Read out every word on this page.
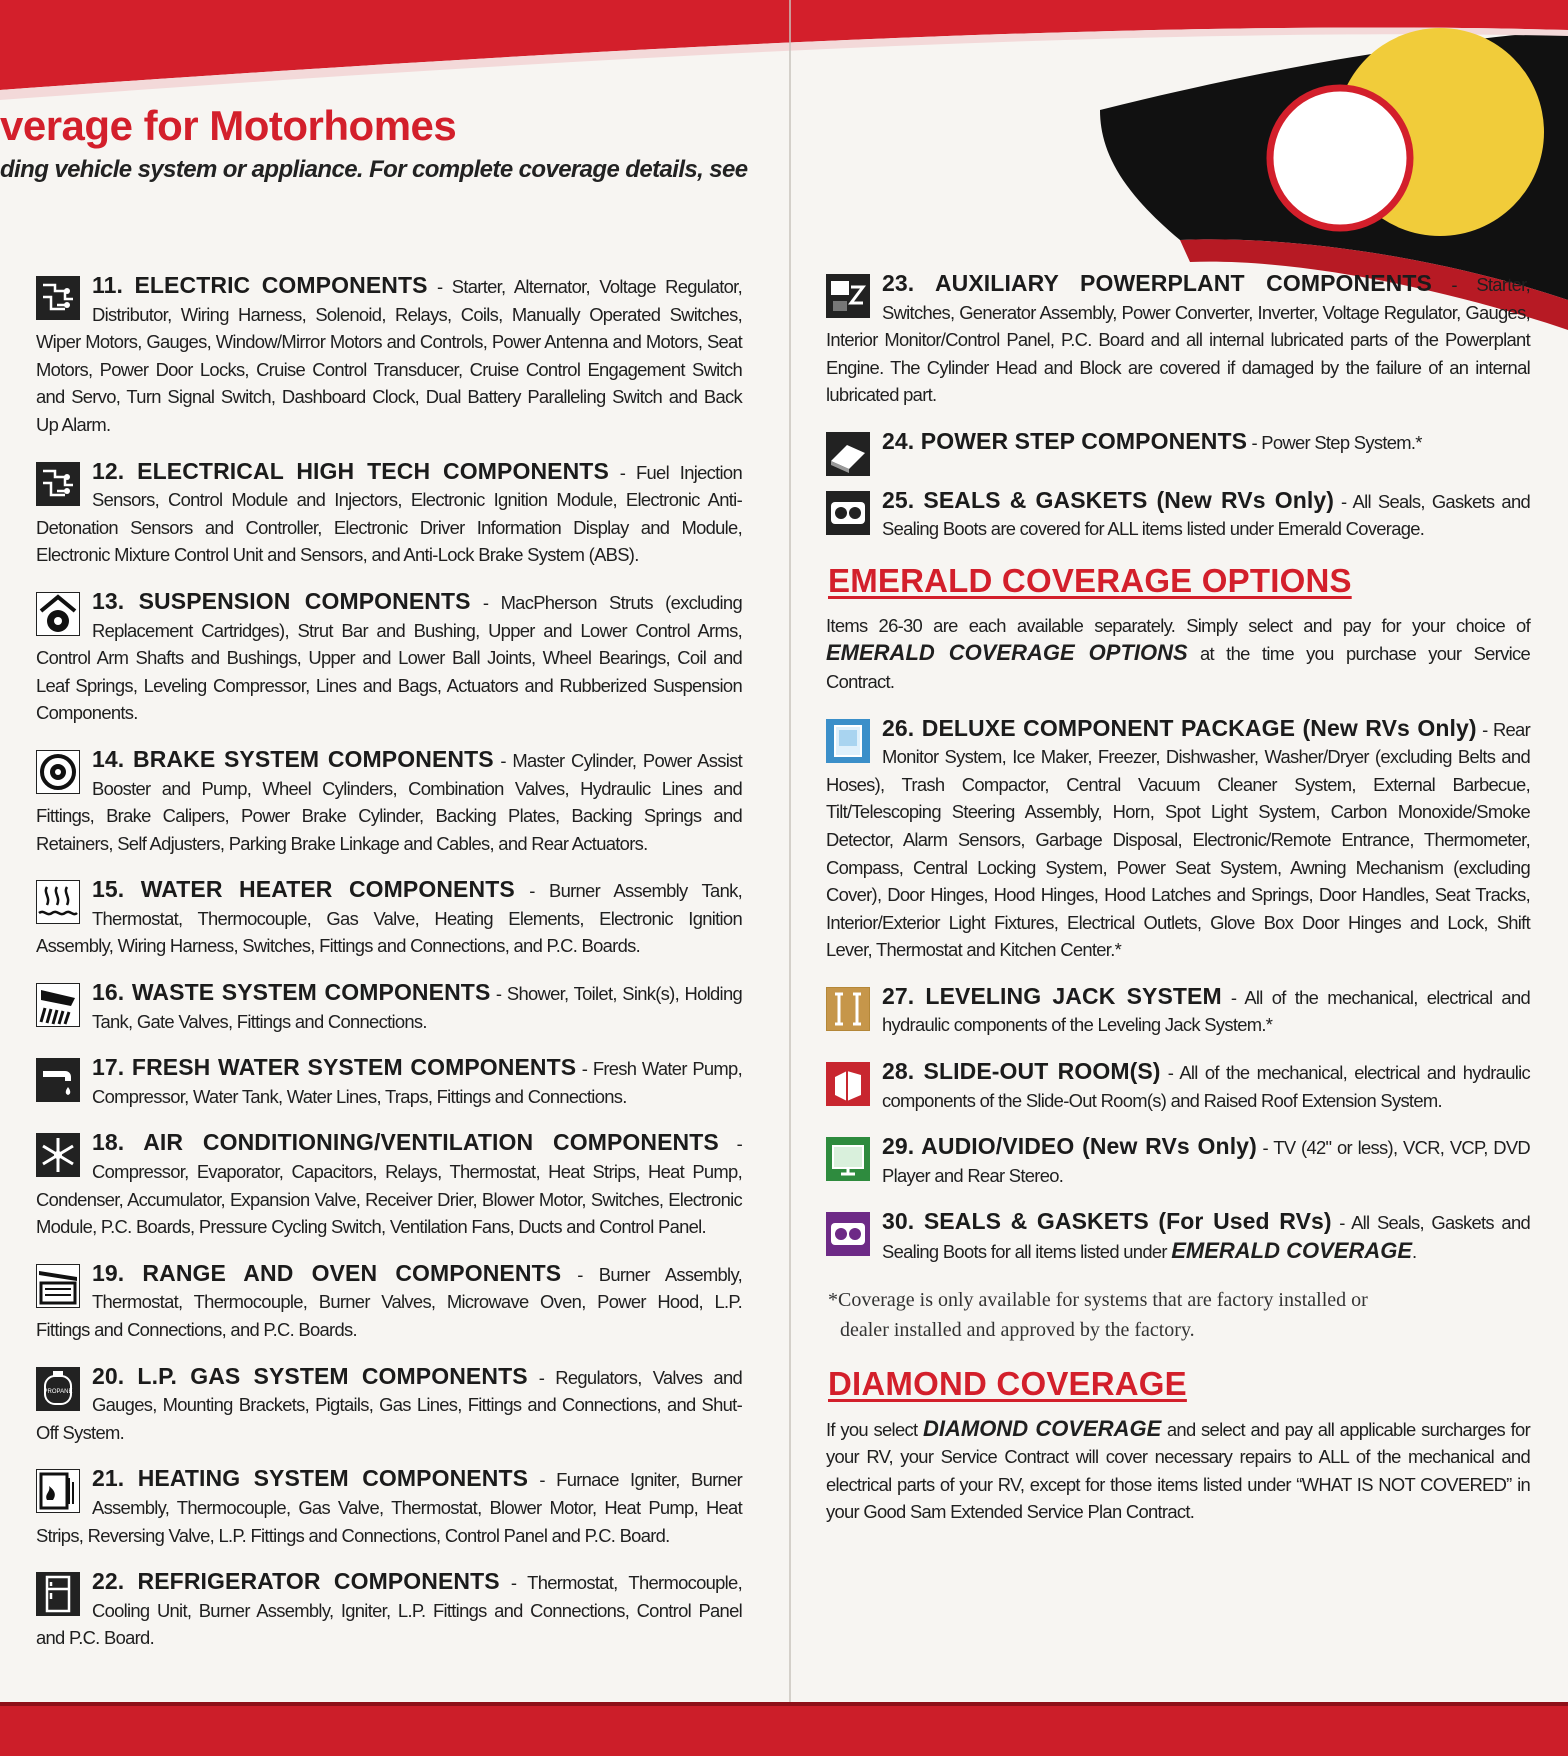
verage for Motorhomes
ding vehicle system or appliance. For complete coverage details, see

11. ELECTRIC COMPONENTS - Starter, Alternator, Voltage Regulator, Distributor, Wiring Harness, Solenoid, Relays, Coils, Manually Operated Switches, Wiper Motors, Gauges, Window/Mirror Motors and Controls, Power Antenna and Motors, Seat Motors, Power Door Locks, Cruise Control Transducer, Cruise Control Engagement Switch and Servo, Turn Signal Switch, Dashboard Clock, Dual Battery Paralleling Switch and Back Up Alarm.

12. ELECTRICAL HIGH TECH COMPONENTS - Fuel Injection Sensors, Control Module and Injectors, Electronic Ignition Module, Electronic Anti-Detonation Sensors and Controller, Electronic Driver Information Display and Module, Electronic Mixture Control Unit and Sensors, and Anti-Lock Brake System (ABS).

13. SUSPENSION COMPONENTS - MacPherson Struts (excluding Replacement Cartridges), Strut Bar and Bushing, Upper and Lower Control Arms, Control Arm Shafts and Bushings, Upper and Lower Ball Joints, Wheel Bearings, Coil and Leaf Springs, Leveling Compressor, Lines and Bags, Actuators and Rubberized Suspension Components.

14. BRAKE SYSTEM COMPONENTS - Master Cylinder, Power Assist Booster and Pump, Wheel Cylinders, Combination Valves, Hydraulic Lines and Fittings, Brake Calipers, Power Brake Cylinder, Backing Plates, Backing Springs and Retainers, Self Adjusters, Parking Brake Linkage and Cables, and Rear Actuators.

15. WATER HEATER COMPONENTS - Burner Assembly Tank, Thermostat, Thermocouple, Gas Valve, Heating Elements, Electronic Ignition Assembly, Wiring Harness, Switches, Fittings and Connections, and P.C. Boards.

16. WASTE SYSTEM COMPONENTS - Shower, Toilet, Sink(s), Holding Tank, Gate Valves, Fittings and Connections.

17. FRESH WATER SYSTEM COMPONENTS - Fresh Water Pump, Compressor, Water Tank, Water Lines, Traps, Fittings and Connections.

18. AIR CONDITIONING/VENTILATION COMPONENTS - Compressor, Evaporator, Capacitors, Relays, Thermostat, Heat Strips, Heat Pump, Condenser, Accumulator, Expansion Valve, Receiver Drier, Blower Motor, Switches, Electronic Module, P.C. Boards, Pressure Cycling Switch, Ventilation Fans, Ducts and Control Panel.

19. RANGE AND OVEN COMPONENTS - Burner Assembly, Thermostat, Thermocouple, Burner Valves, Microwave Oven, Power Hood, L.P. Fittings and Connections, and P.C. Boards.

PROPANE

20. L.P. GAS SYSTEM COMPONENTS - Regulators, Valves and Gauges, Mounting Brackets, Pigtails, Gas Lines, Fittings and Connections, and Shut-Off System.

21. HEATING SYSTEM COMPONENTS - Furnace Igniter, Burner Assembly, Thermocouple, Gas Valve, Thermostat, Blower Motor, Heat Pump, Heat Strips, Reversing Valve, L.P. Fittings and Connections, Control Panel and P.C. Board.

22. REFRIGERATOR COMPONENTS - Thermostat, Thermocouple, Cooling Unit, Burner Assembly, Igniter, L.P. Fittings and Connections, Control Panel and P.C. Board.

23. AUXILIARY POWERPLANT COMPONENTS - Starter, Switches, Generator Assembly, Power Converter, Inverter, Voltage Regulator, Gauges, Interior Monitor/Control Panel, P.C. Board and all internal lubricated parts of the Powerplant Engine. The Cylinder Head and Block are covered if damaged by the failure of an internal lubricated part.

24. POWER STEP COMPONENTS - Power Step System.*

25. SEALS & GASKETS (New RVs Only) - All Seals, Gaskets and Sealing Boots are covered for ALL items listed under Emerald Coverage.

EMERALD COVERAGE OPTIONS

Items 26-30 are each available separately. Simply select and pay for your choice of EMERALD COVERAGE OPTIONS at the time you purchase your Service Contract.

26. DELUXE COMPONENT PACKAGE (New RVs Only) - Rear Monitor System, Ice Maker, Freezer, Dishwasher, Washer/Dryer (excluding Belts and Hoses), Trash Compactor, Central Vacuum Cleaner System, External Barbecue, Tilt/Telescoping Steering Assembly, Horn, Spot Light System, Carbon Monoxide/Smoke Detector, Alarm Sensors, Garbage Disposal, Electronic/Remote Entrance, Thermometer, Compass, Central Locking System, Power Seat System, Awning Mechanism (excluding Cover), Door Hinges, Hood Hinges, Hood Latches and Springs, Door Handles, Seat Tracks, Interior/Exterior Light Fixtures, Electrical Outlets, Glove Box Door Hinges and Lock, Shift Lever, Thermostat and Kitchen Center.*

27. LEVELING JACK SYSTEM - All of the mechanical, electrical and hydraulic components of the Leveling Jack System.*

28. SLIDE-OUT ROOM(S) - All of the mechanical, electrical and hydraulic components of the Slide-Out Room(s) and Raised Roof Extension System.

29. AUDIO/VIDEO (New RVs Only) - TV (42" or less), VCR, VCP, DVD Player and Rear Stereo.

30. SEALS & GASKETS (For Used RVs) - All Seals, Gaskets and Sealing Boots for all items listed under EMERALD COVERAGE.

*Coverage is only available for systems that are factory installed or
dealer installed and approved by the factory.
DIAMOND COVERAGE

If you select DIAMOND COVERAGE and select and pay all applicable surcharges for your RV, your Service Contract will cover necessary repairs to ALL of the mechanical and electrical parts of your RV, except for those items listed under “WHAT IS NOT COVERED” in your Good Sam Extended Service Plan Contract.
